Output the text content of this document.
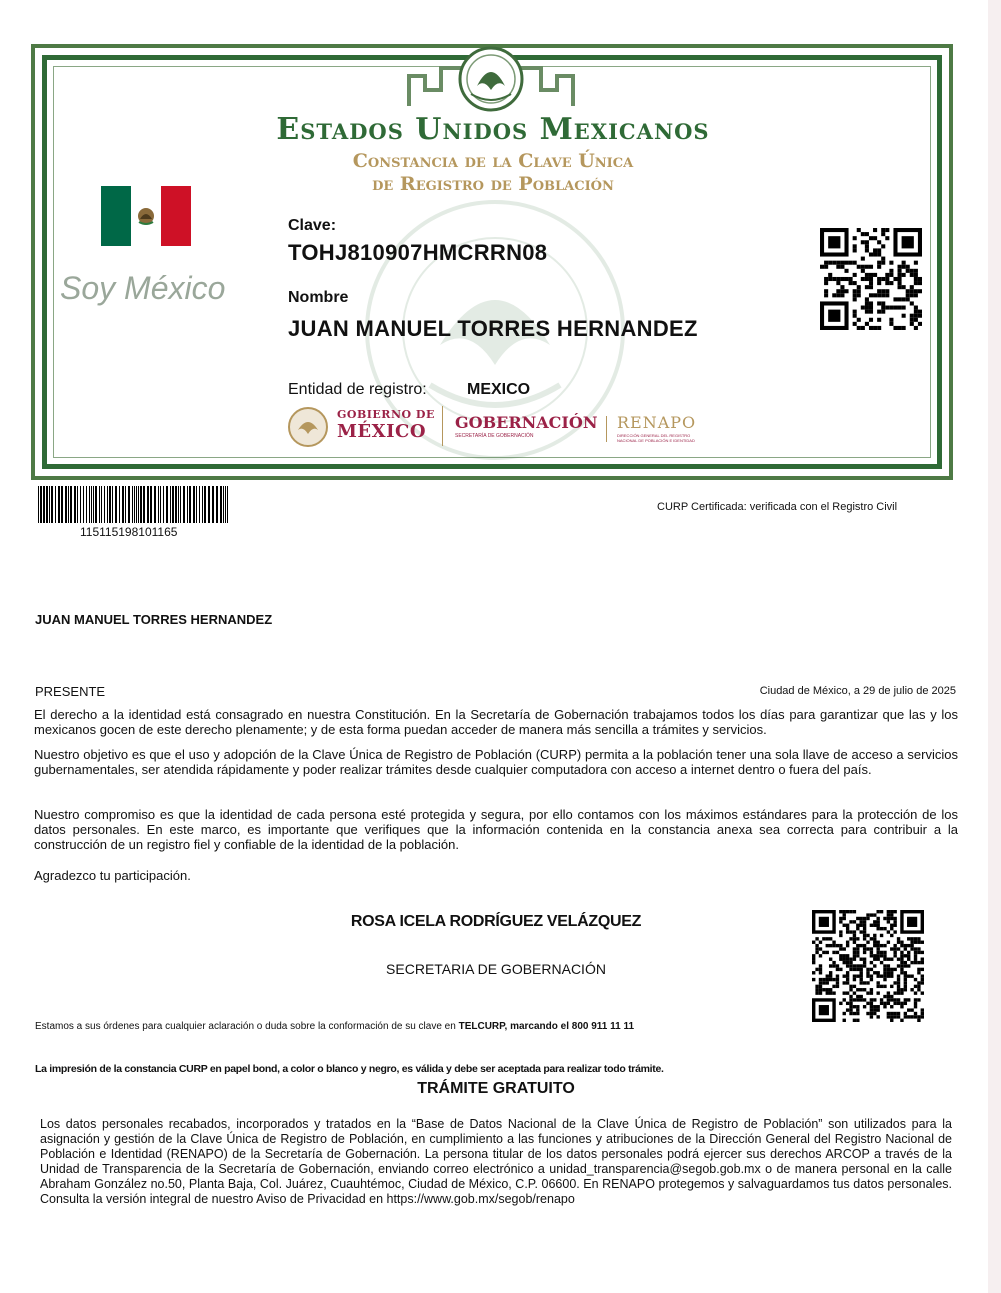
Estados Unidos Mexicanos
Constancia de la Clave Única
de Registro de Población
Soy México
Clave:
TOHJ810907HMCRRN08
Nombre
JUAN MANUEL TORRES HERNANDEZ
Entidad de registro:	MEXICO
GOBIERNO DE
MÉXICO GOBERNACIÓN
SECRETARÍA DE GOBERNACIÓN
RENAPO
DIRECCIÓN GENERAL DEL REGISTRO
NACIONAL DE POBLACIÓN E IDENTIDAD
115115198101165
CURP Certificada: verificada con el Registro Civil
JUAN MANUEL TORRES HERNANDEZ
PRESENTE	Ciudad de México, a 29 de julio de 2025
El derecho a la identidad está consagrado en nuestra Constitución. En la Secretaría de Gobernación trabajamos todos los días para garantizar que las y los mexicanos gocen de este derecho plenamente; y de esta forma puedan acceder de manera más sencilla a trámites y servicios.
Nuestro objetivo es que el uso y adopción de la Clave Única de Registro de Población (CURP) permita a la población tener una sola llave de acceso a servicios gubernamentales, ser atendida rápidamente y poder realizar trámites desde cualquier computadora con acceso a internet dentro o fuera del país.
Nuestro compromiso es que la identidad de cada persona esté protegida y segura, por ello contamos con los máximos estándares para la protección de los datos personales. En este marco, es importante que verifiques que la información contenida en la constancia anexa sea correcta para contribuir a la construcción de un registro fiel y confiable de la identidad de la población.
Agradezco tu participación.
ROSA ICELA RODRÍGUEZ VELÁZQUEZ
SECRETARIA DE GOBERNACIÓN
Estamos a sus órdenes para cualquier aclaración o duda sobre la conformación de su clave en TELCURP, marcando el 800 911 11 11
La impresión de la constancia CURP en papel bond, a color o blanco y negro, es válida y debe ser aceptada para realizar todo trámite.
TRÁMITE GRATUITO
Los datos personales recabados, incorporados y tratados en la “Base de Datos Nacional de la Clave Única de Registro de Población” son utilizados para la asignación y gestión de la Clave Única de Registro de Población, en cumplimiento a las funciones y atribuciones de la Dirección General del Registro Nacional de Población e Identidad (RENAPO) de la Secretaría de Gobernación. La persona titular de los datos personales podrá ejercer sus derechos ARCOP a través de la Unidad de Transparencia de la Secretaría de Gobernación, enviando correo electrónico a unidad_transparencia@segob.gob.mx o de manera personal en la calle Abraham González no.50, Planta Baja, Col. Juárez, Cuauhtémoc, Ciudad de México, C.P. 06600. En RENAPO protegemos y salvaguardamos tus datos personales. Consulta la versión integral de nuestro Aviso de Privacidad en https://www.gob.mx/segob/renapo
